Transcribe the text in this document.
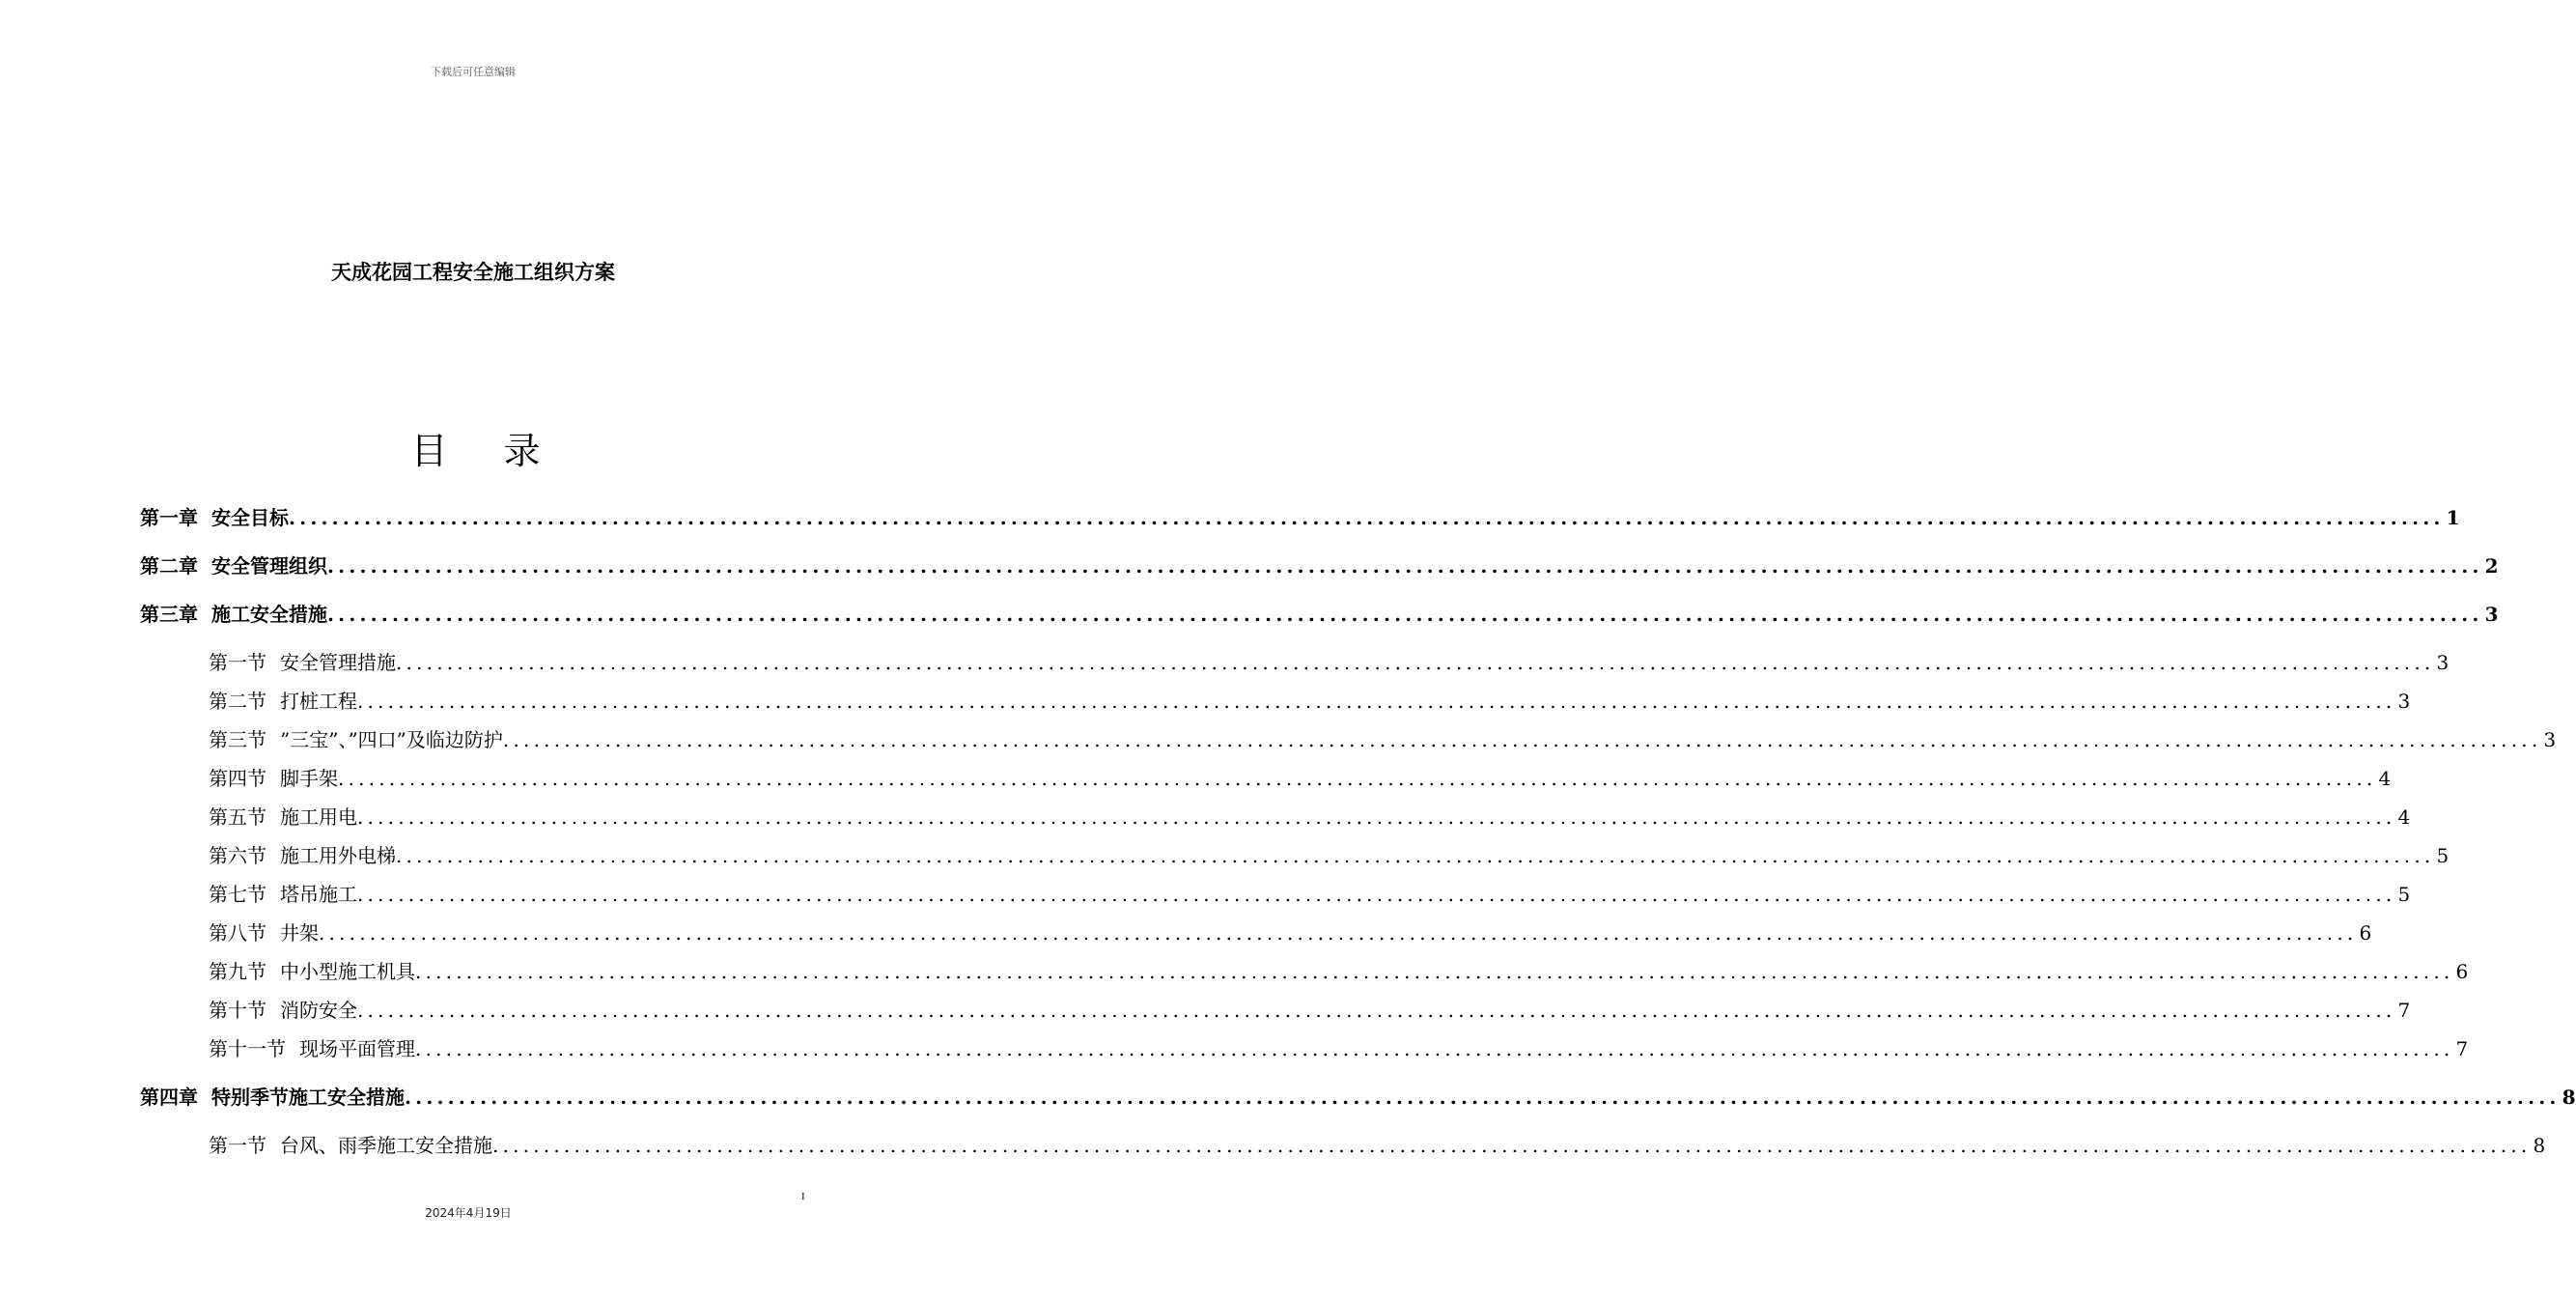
下载后可任意编辑
天成花园工程安全施工组织方案
目 录
第一章 安全目标 ........................................................................................................................................................................................................ 1
第二章 安全管理组织 ........................................................................................................................................................................................................ 2
第三章 施工安全措施 ........................................................................................................................................................................................................ 3
第一节 安全管理措施 ........................................................................................................................................................................................................ 3
第二节 打桩工程 ........................................................................................................................................................................................................ 3
第三节 ”三宝”、”四口”及临边防护 ........................................................................................................................................................................................................ 3
第四节 脚手架 ........................................................................................................................................................................................................ 4
第五节 施工用电 ........................................................................................................................................................................................................ 4
第六节 施工用外电梯 ........................................................................................................................................................................................................ 5
第七节 塔吊施工 ........................................................................................................................................................................................................ 5
第八节 井架 ........................................................................................................................................................................................................ 6
第九节 中小型施工机具 ........................................................................................................................................................................................................ 6
第十节 消防安全 ........................................................................................................................................................................................................ 7
第十一节 现场平面管理 ........................................................................................................................................................................................................ 7
第四章 特别季节施工安全措施 ........................................................................................................................................................................................................ 8
第一节 台风、雨季施工安全措施 ........................................................................................................................................................................................................ 8
I
2024年4月19日
